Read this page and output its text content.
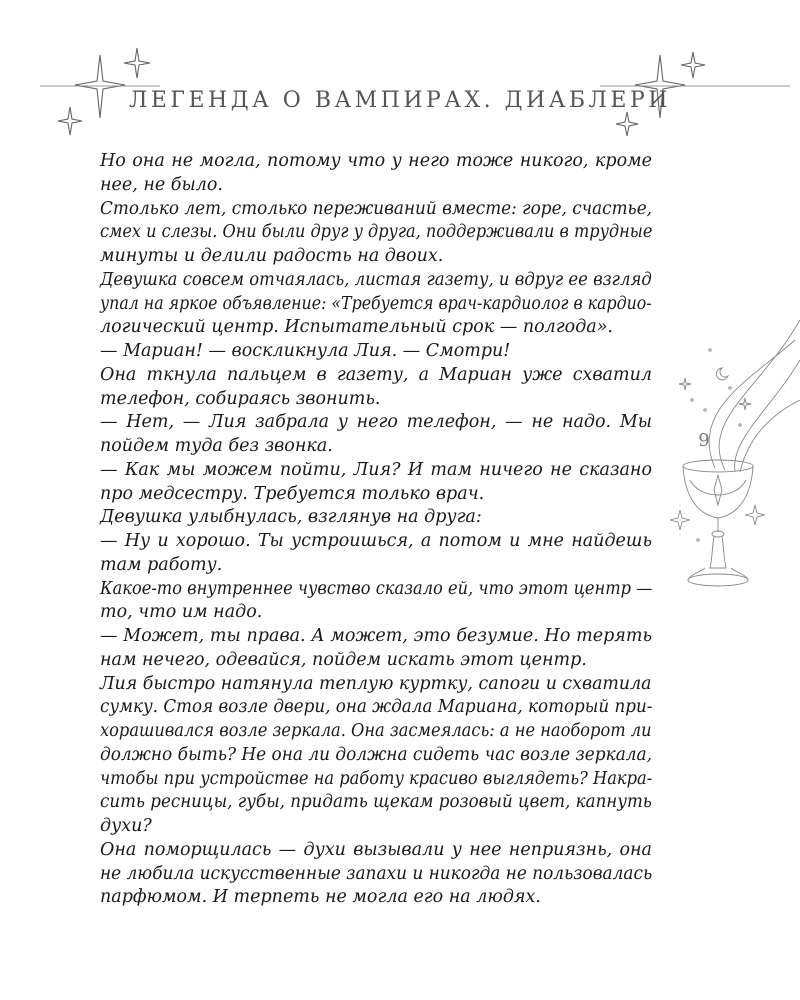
ЛЕГЕНДА О ВАМПИРАХ. ДИАБЛЕРИ
9
Но она не могла, потому что у него тоже никого, кроме
нее, не было.
Столько лет, столько переживаний вместе: горе, счастье,
смех и слезы. Они были друг у друга, поддерживали в трудные
минуты и делили радость на двоих.
Девушка совсем отчаялась, листая газету, и вдруг ее взгляд
упал на яркое объявление: «Требуется врач-кардиолог в кардио-
логический центр. Испытательный срок — полгода».
— Мариан! — воскликнула Лия. — Смотри!
Она ткнула пальцем в газету, а Мариан уже схватил
телефон, собираясь звонить.
— Нет, — Лия забрала у него телефон, — не надо. Мы
пойдем туда без звонка.
— Как мы можем пойти, Лия? И там ничего не сказано
про медсестру. Требуется только врач.
Девушка улыбнулась, взглянув на друга:
— Ну и хорошо. Ты устроишься, а потом и мне найдешь
там работу.
Какое-то внутреннее чувство сказало ей, что этот центр —
то, что им надо.
— Может, ты права. А может, это безумие. Но терять
нам нечего, одевайся, пойдем искать этот центр.
Лия быстро натянула теплую куртку, сапоги и схватила
сумку. Стоя возле двери, она ждала Мариана, который при-
хорашивался возле зеркала. Она засмеялась: а не наоборот ли
должно быть? Не она ли должна сидеть час возле зеркала,
чтобы при устройстве на работу красиво выглядеть? Накра-
сить ресницы, губы, придать щекам розовый цвет, капнуть
духи?
Она поморщилась — духи вызывали у нее неприязнь, она
не любила искусственные запахи и никогда не пользовалась
парфюмом. И терпеть не могла его на людях.
